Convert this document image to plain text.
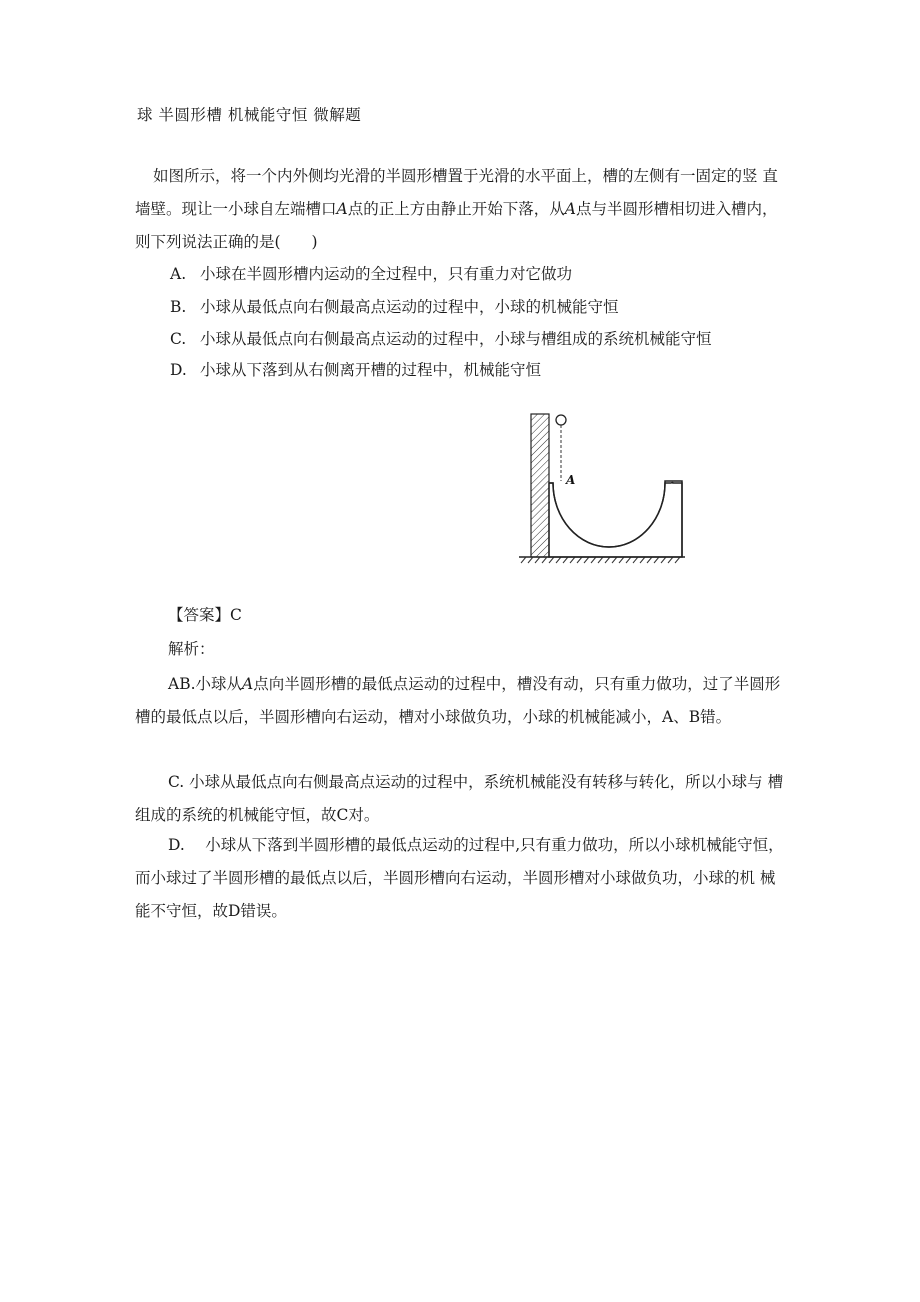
球 半圆形槽 机械能守恒 微解题
如图所示，将一个内外侧均光滑的半圆形槽置于光滑的水平面上，槽的左侧有一固定的竖 直墙壁。现让一小球自左端槽口A点的正上方由静止开始下落，从A点与半圆形槽相切进入槽内，则下列说法正确的是(　　)
A. 小球在半圆形槽内运动的全过程中，只有重力对它做功
B. 小球从最低点向右侧最高点运动的过程中，小球的机械能守恒
C. 小球从最低点向右侧最高点运动的过程中，小球与槽组成的系统机械能守恒
D. 小球从下落到从右侧离开槽的过程中，机械能守恒
A
【答案】C
解析：
AB.小球从A点向半圆形槽的最低点运动的过程中，槽没有动，只有重力做功，过了半圆形槽的最低点以后，半圆形槽向右运动，槽对小球做负功，小球的机械能减小，A、B错。
C. 小球从最低点向右侧最高点运动的过程中，系统机械能没有转移与转化，所以小球与 槽组成的系统的机械能守恒，故C对。
D.　 小球从下落到半圆形槽的最低点运动的过程中,只有重力做功，所以小球机械能守恒，　而小球过了半圆形槽的最低点以后，半圆形槽向右运动，半圆形槽对小球做负功，小球的机 械能不守恒，故D错误。
